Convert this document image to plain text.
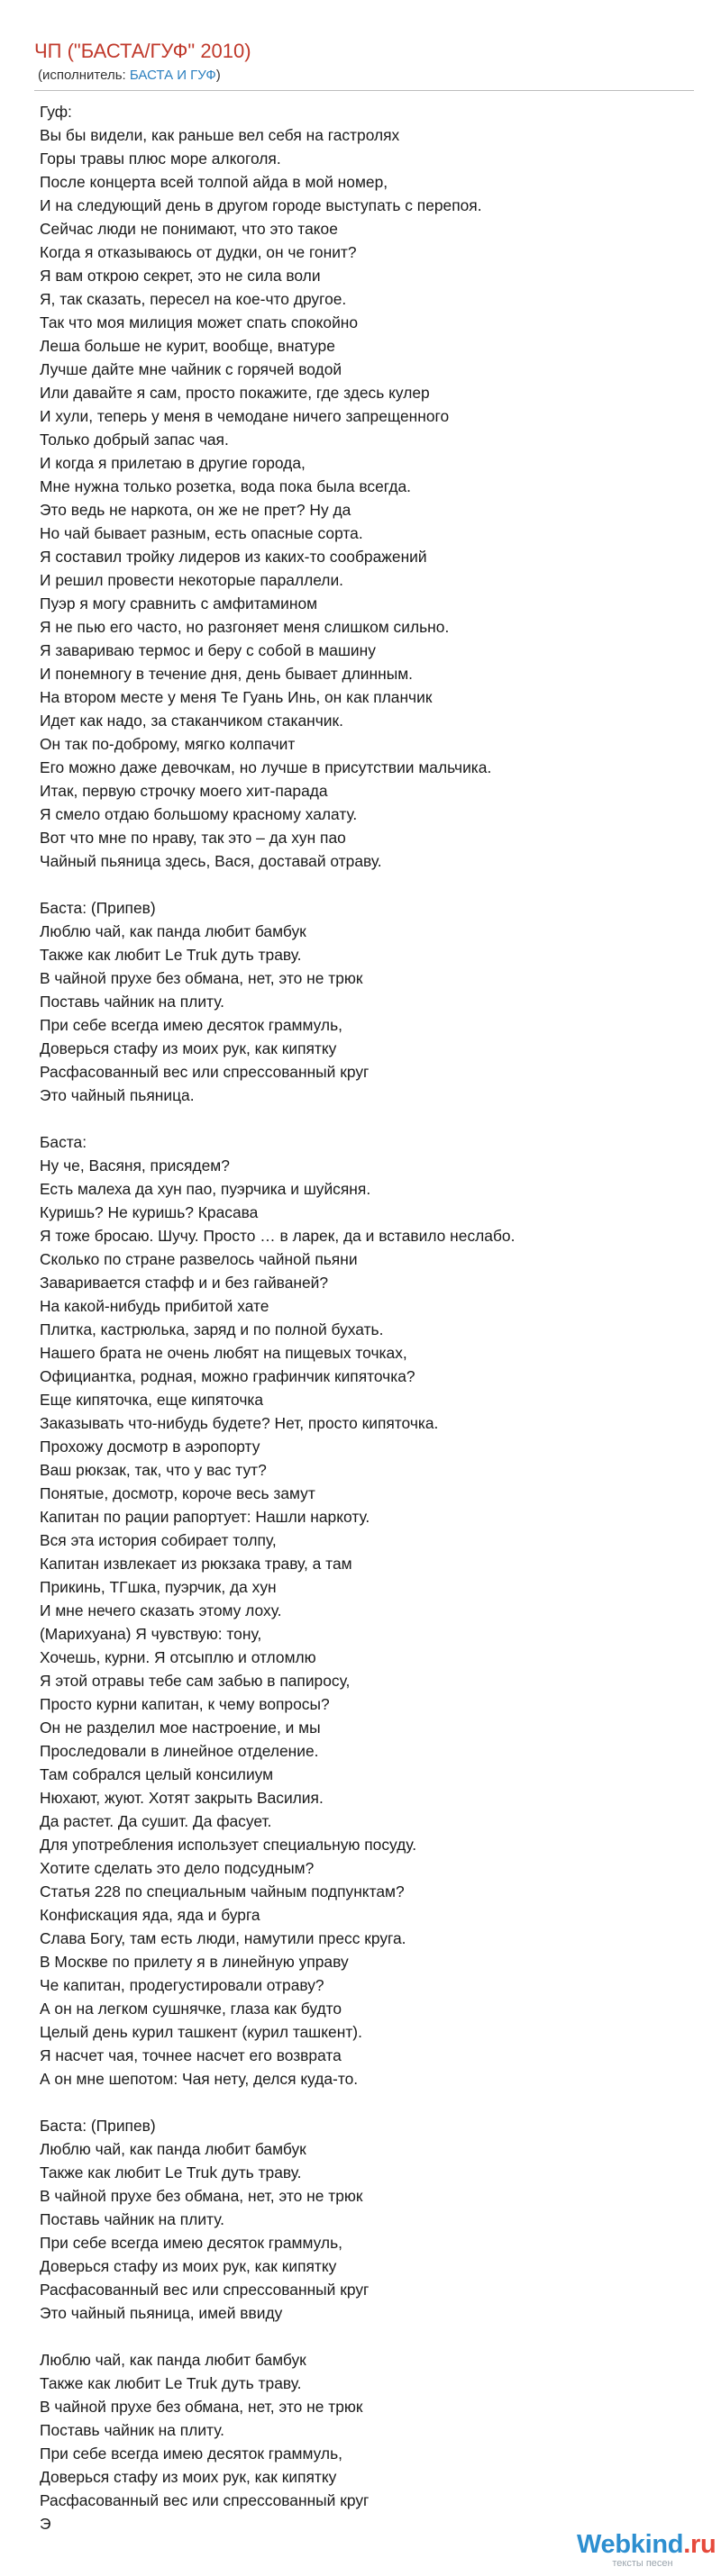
ЧП ("БАСТА/ГУФ" 2010)
(исполнитель: БАСТА И ГУФ)
Гуф:
Вы бы видели, как раньше вел себя на гастролях
Горы травы плюс море алкоголя.
После концерта всей толпой айда в мой номер,
И на следующий день в другом городе выступать с перепоя.
Сейчас люди не понимают, что это такое
Когда я отказываюсь от дудки, он че гонит?
Я вам открою секрет, это не сила воли
Я, так сказать, пересел на кое-что другое.
Так что моя милиция может спать спокойно
Леша больше не курит, вообще, внатуре
Лучше дайте мне чайник с горячей водой
Или давайте я сам, просто покажите, где здесь кулер
И хули, теперь у меня в чемодане ничего запрещенного
Только добрый запас чая.
И когда я прилетаю в другие города,
Мне нужна только розетка, вода пока была всегда.
Это ведь не наркота, он же не прет? Ну да
Но чай бывает разным, есть опасные сорта.
Я составил тройку лидеров из каких-то соображений
И решил провести некоторые параллели.
Пуэр я могу сравнить с амфитамином
Я не пью его часто, но разгоняет меня слишком сильно.
Я завариваю термос и беру с собой в машину
И понемногу в течение дня, день бывает длинным.
На втором месте у меня Те Гуань Инь, он как планчик
Идет как надо, за стаканчиком стаканчик.
Он так по-доброму, мягко колпачит
Его можно даже девочкам, но лучше в присутствии мальчика.
Итак, первую строчку моего хит-парада
Я смело отдаю большому красному халату.
Вот что мне по нраву, так это – да хун пао
Чайный пьяница здесь, Вася, доставай отраву.
Баста: (Припев)
Люблю чай, как панда любит бамбук
Также как любит Le Truk дуть траву.
В чайной прухе без обмана, нет, это не трюк
Поставь чайник на плиту.
При себе всегда имею десяток граммуль,
Доверься стафу из моих рук, как кипятку
Расфасованный вес или спрессованный круг
Это чайный пьяница.
Баста:
Ну че, Васяня, присядем?
Есть малеха да хун пао, пуэрчика и шуйсяня.
Куришь? Не куришь? Красава
Я тоже бросаю. Шучу. Просто … в ларек, да и вставило неслабо.
Сколько по стране развелось чайной пьяни
Заваривается стафф и и без гайваней?
На какой-нибудь прибитой хате
Плитка, кастрюлька, заряд и по полной бухать.
Нашего брата не очень любят на пищевых точках,
Официантка, родная, можно графинчик кипяточка?
Еще кипяточка, еще кипяточка
Заказывать что-нибудь будете? Нет, просто кипяточка.
Прохожу досмотр в аэропорту
Ваш рюкзак, так, что у вас тут?
Понятые, досмотр, короче весь замут
Капитан по рации рапортует: Нашли наркоту.
Вся эта история собирает толпу,
Капитан извлекает из рюкзака траву, а там
Прикинь, ТГшка, пуэрчик, да хун
И мне нечего сказать этому лоху.
(Марихуана) Я чувствую: тону,
Хочешь, курни. Я отсыплю и отломлю
Я этой отравы тебе сам забью в папиросу,
Просто курни капитан, к чему вопросы?
Он не разделил мое настроение, и мы
Проследовали в линейное отделение.
Там собрался целый консилиум
Нюхают, жуют. Хотят закрыть Василия.
Да растет. Да сушит. Да фасует.
Для употребления использует специальную посуду.
Хотите сделать это дело подсудным?
Статья 228 по специальным чайным подпунктам?
Конфискация яда, яда и бурга
Слава Богу, там есть люди, намутили пресс круга.
В Москве по прилету я в линейную управу
Че капитан, продегустировали отраву?
А он на легком сушнячке, глаза как будто
Целый день курил ташкент (курил ташкент).
Я насчет чая, точнее насчет его возврата
А он мне шепотом: Чая нету, делся куда-то.
Баста: (Припев)
Люблю чай, как панда любит бамбук
Также как любит Le Truk дуть траву.
В чайной прухе без обмана, нет, это не трюк
Поставь чайник на плиту.
При себе всегда имею десяток граммуль,
Доверься стафу из моих рук, как кипятку
Расфасованный вес или спрессованный круг
Это чайный пьяница, имей ввиду
Люблю чай, как панда любит бамбук
Также как любит Le Truk дуть траву.
В чайной прухе без обмана, нет, это не трюк
Поставь чайник на плиту.
При себе всегда имею десяток граммуль,
Доверься стафу из моих рук, как кипятку
Расфасованный вес или спрессованный круг
Э
Webkind.ru
тексты песен
